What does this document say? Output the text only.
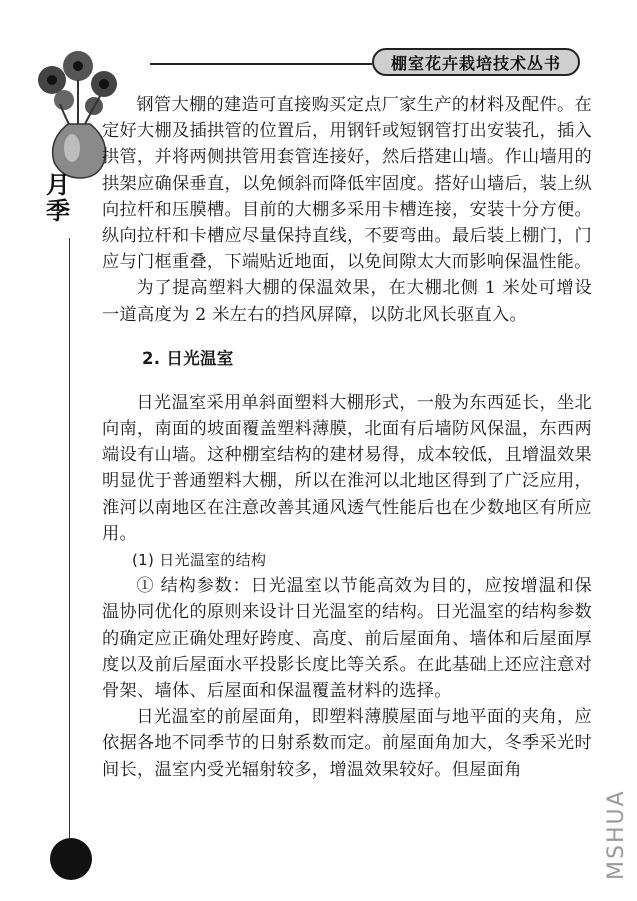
棚室花卉栽培技术丛书
月季

钢管大棚的建造可直接购买定点厂家生产的材料及配件。在定好大棚及插拱管的位置后，用钢钎或短钢管打出安装孔，插入拱管，并将两侧拱管用套管连接好，然后搭建山墙。作山墙用的拱架应确保垂直，以免倾斜而降低牢固度。搭好山墙后，装上纵向拉杆和压膜槽。目前的大棚多采用卡槽连接，安装十分方便。纵向拉杆和卡槽应尽量保持直线，不要弯曲。最后装上棚门，门应与门框重叠，下端贴近地面，以免间隙太大而影响保温性能。

为了提高塑料大棚的保温效果，在大棚北侧 1 米处可增设一道高度为 2 米左右的挡风屏障，以防北风长驱直入。

2. 日光温室

日光温室采用单斜面塑料大棚形式，一般为东西延长，坐北向南，南面的坡面覆盖塑料薄膜，北面有后墙防风保温，东西两端设有山墙。这种棚室结构的建材易得，成本较低，且增温效果明显优于普通塑料大棚，所以在淮河以北地区得到了广泛应用，淮河以南地区在注意改善其通风透气性能后也在少数地区有所应用。

(1) 日光温室的结构

① 结构参数：日光温室以节能高效为目的，应按增温和保温协同优化的原则来设计日光温室的结构。日光温室的结构参数的确定应正确处理好跨度、高度、前后屋面角、墙体和后屋面厚度以及前后屋面水平投影长度比等关系。在此基础上还应注意对骨架、墙体、后屋面和保温覆盖材料的选择。

日光温室的前屋面角，即塑料薄膜屋面与地平面的夹角，应依据各地不同季节的日射系数而定。前屋面角加大，冬季采光时间长，温室内受光辐射较多，增温效果较好。但屋面角

MSHUA
